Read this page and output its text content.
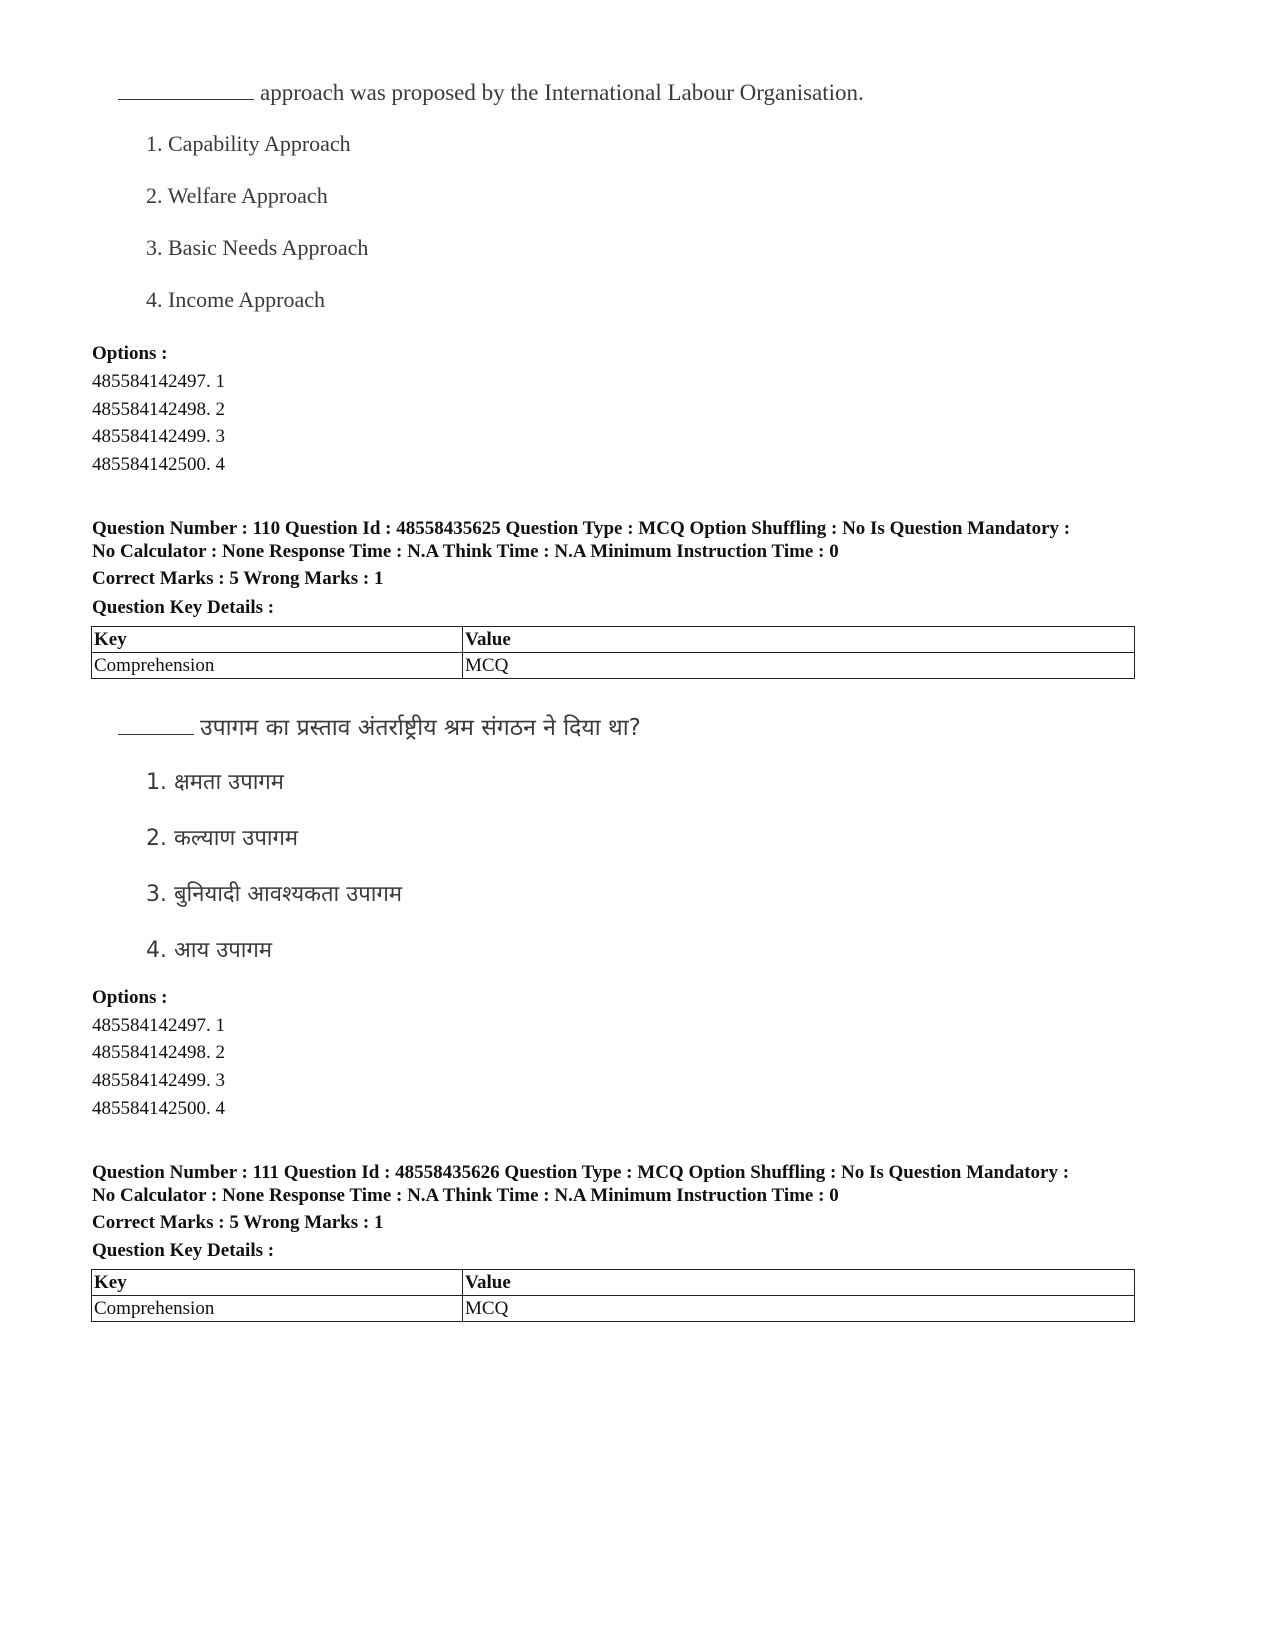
approach was proposed by the International Labour Organisation.
1. Capability Approach
2. Welfare Approach
3. Basic Needs Approach
4. Income Approach
Options :
485584142497. 1
485584142498. 2
485584142499. 3
485584142500. 4
Question Number : 110 Question Id : 48558435625 Question Type : MCQ Option Shuffling : No Is Question Mandatory :
No Calculator : None Response Time : N.A Think Time : N.A Minimum Instruction Time : 0
Correct Marks : 5 Wrong Marks : 1
Question Key Details :
Key	Value
Comprehension	MCQ
उपागम का प्रस्ताव अंतर्राष्ट्रीय श्रम संगठन ने दिया था?
1. क्षमता उपागम
2. कल्याण उपागम
3. बुनियादी आवश्यकता उपागम
4. आय उपागम
Options :
485584142497. 1
485584142498. 2
485584142499. 3
485584142500. 4
Question Number : 111 Question Id : 48558435626 Question Type : MCQ Option Shuffling : No Is Question Mandatory :
No Calculator : None Response Time : N.A Think Time : N.A Minimum Instruction Time : 0
Correct Marks : 5 Wrong Marks : 1
Question Key Details :
Key	Value
Comprehension	MCQ
